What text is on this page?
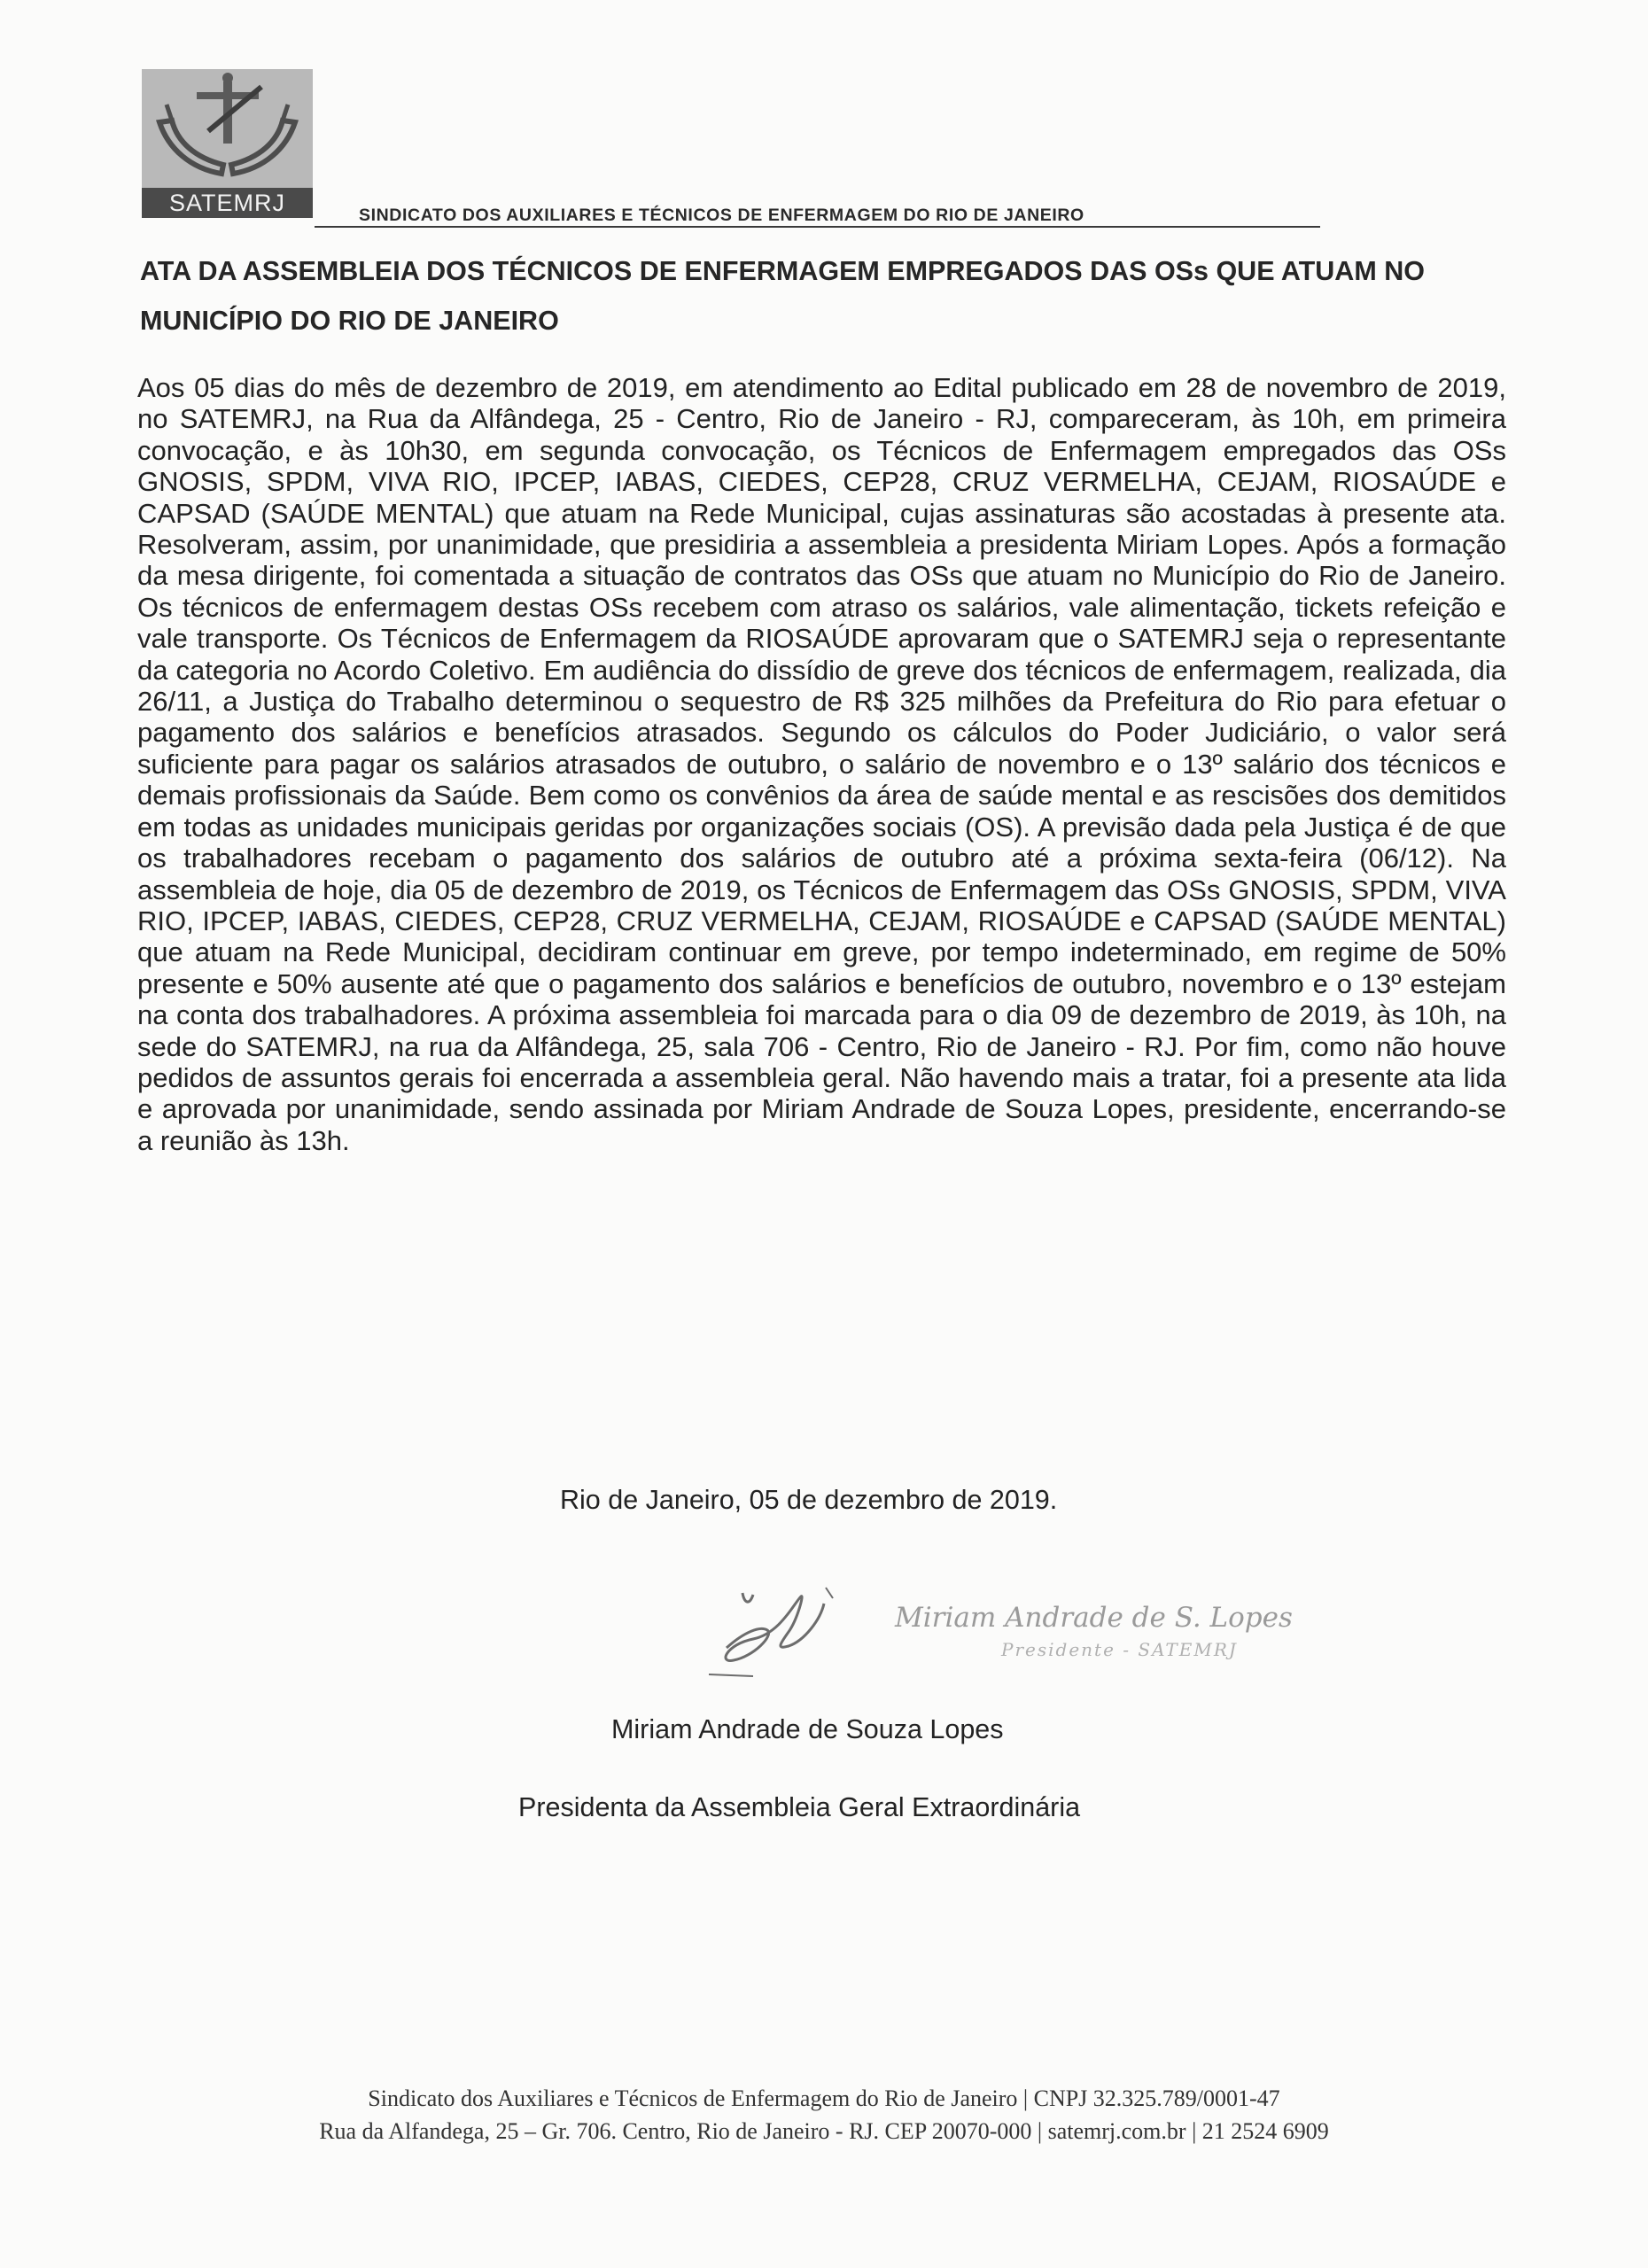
SATEMRJ	SINDICATO DOS AUXILIARES E TÉCNICOS DE ENFERMAGEM DO RIO DE JANEIRO
ATA DA ASSEMBLEIA DOS TÉCNICOS DE ENFERMAGEM EMPREGADOS DAS OSs QUE ATUAM NO MUNICÍPIO DO RIO DE JANEIRO
Aos 05 dias do mês de dezembro de 2019, em atendimento ao Edital publicado em 28 de novembro de 2019, no SATEMRJ, na Rua da Alfândega, 25 - Centro, Rio de Janeiro - RJ, compareceram, às 10h, em primeira convocação, e às 10h30, em segunda convocação, os Técnicos de Enfermagem empregados das OSs GNOSIS, SPDM, VIVA RIO, IPCEP, IABAS, CIEDES, CEP28, CRUZ VERMELHA, CEJAM, RIOSAÚDE e CAPSAD (SAÚDE MENTAL) que atuam na Rede Municipal, cujas assinaturas são acostadas à presente ata. Resolveram, assim, por unanimidade, que presidiria a assembleia a presidenta Miriam Lopes. Após a formação da mesa dirigente, foi comentada a situação de contratos das OSs que atuam no Município do Rio de Janeiro. Os técnicos de enfermagem destas OSs recebem com atraso os salários, vale alimentação, tickets refeição e vale transporte. Os Técnicos de Enfermagem da RIOSAÚDE aprovaram que o SATEMRJ seja o representante da categoria no Acordo Coletivo. Em audiência do dissídio de greve dos técnicos de enfermagem, realizada, dia 26/11, a Justiça do Trabalho determinou o sequestro de R$ 325 milhões da Prefeitura do Rio para efetuar o pagamento dos salários e benefícios atrasados. Segundo os cálculos do Poder Judiciário, o valor será suficiente para pagar os salários atrasados de outubro, o salário de novembro e o 13º salário dos técnicos e demais profissionais da Saúde. Bem como os convênios da área de saúde mental e as rescisões dos demitidos em todas as unidades municipais geridas por organizações sociais (OS). A previsão dada pela Justiça é de que os trabalhadores recebam o pagamento dos salários de outubro até a próxima sexta-feira (06/12). Na assembleia de hoje, dia 05 de dezembro de 2019, os Técnicos de Enfermagem das OSs GNOSIS, SPDM, VIVA RIO, IPCEP, IABAS, CIEDES, CEP28, CRUZ VERMELHA, CEJAM, RIOSAÚDE e CAPSAD (SAÚDE MENTAL) que atuam na Rede Municipal, decidiram continuar em greve, por tempo indeterminado, em regime de 50% presente e 50% ausente até que o pagamento dos salários e benefícios de outubro, novembro e o 13º estejam na conta dos trabalhadores. A próxima assembleia foi marcada para o dia 09 de dezembro de 2019, às 10h, na sede do SATEMRJ, na rua da Alfândega, 25, sala 706 - Centro, Rio de Janeiro - RJ. Por fim, como não houve pedidos de assuntos gerais foi encerrada a assembleia geral. Não havendo mais a tratar, foi a presente ata lida e aprovada por unanimidade, sendo assinada por Miriam Andrade de Souza Lopes, presidente, encerrando-se a reunião às 13h.
Rio de Janeiro, 05 de dezembro de 2019.
Miriam Andrade de S. Lopes
Presidente - SATEMRJ
Miriam Andrade de Souza Lopes
Presidenta da Assembleia Geral Extraordinária
Sindicato dos Auxiliares e Técnicos de Enfermagem do Rio de Janeiro | CNPJ 32.325.789/0001-47
Rua da Alfandega, 25 – Gr. 706. Centro, Rio de Janeiro - RJ. CEP 20070-000 | satemrj.com.br | 21 2524 6909
